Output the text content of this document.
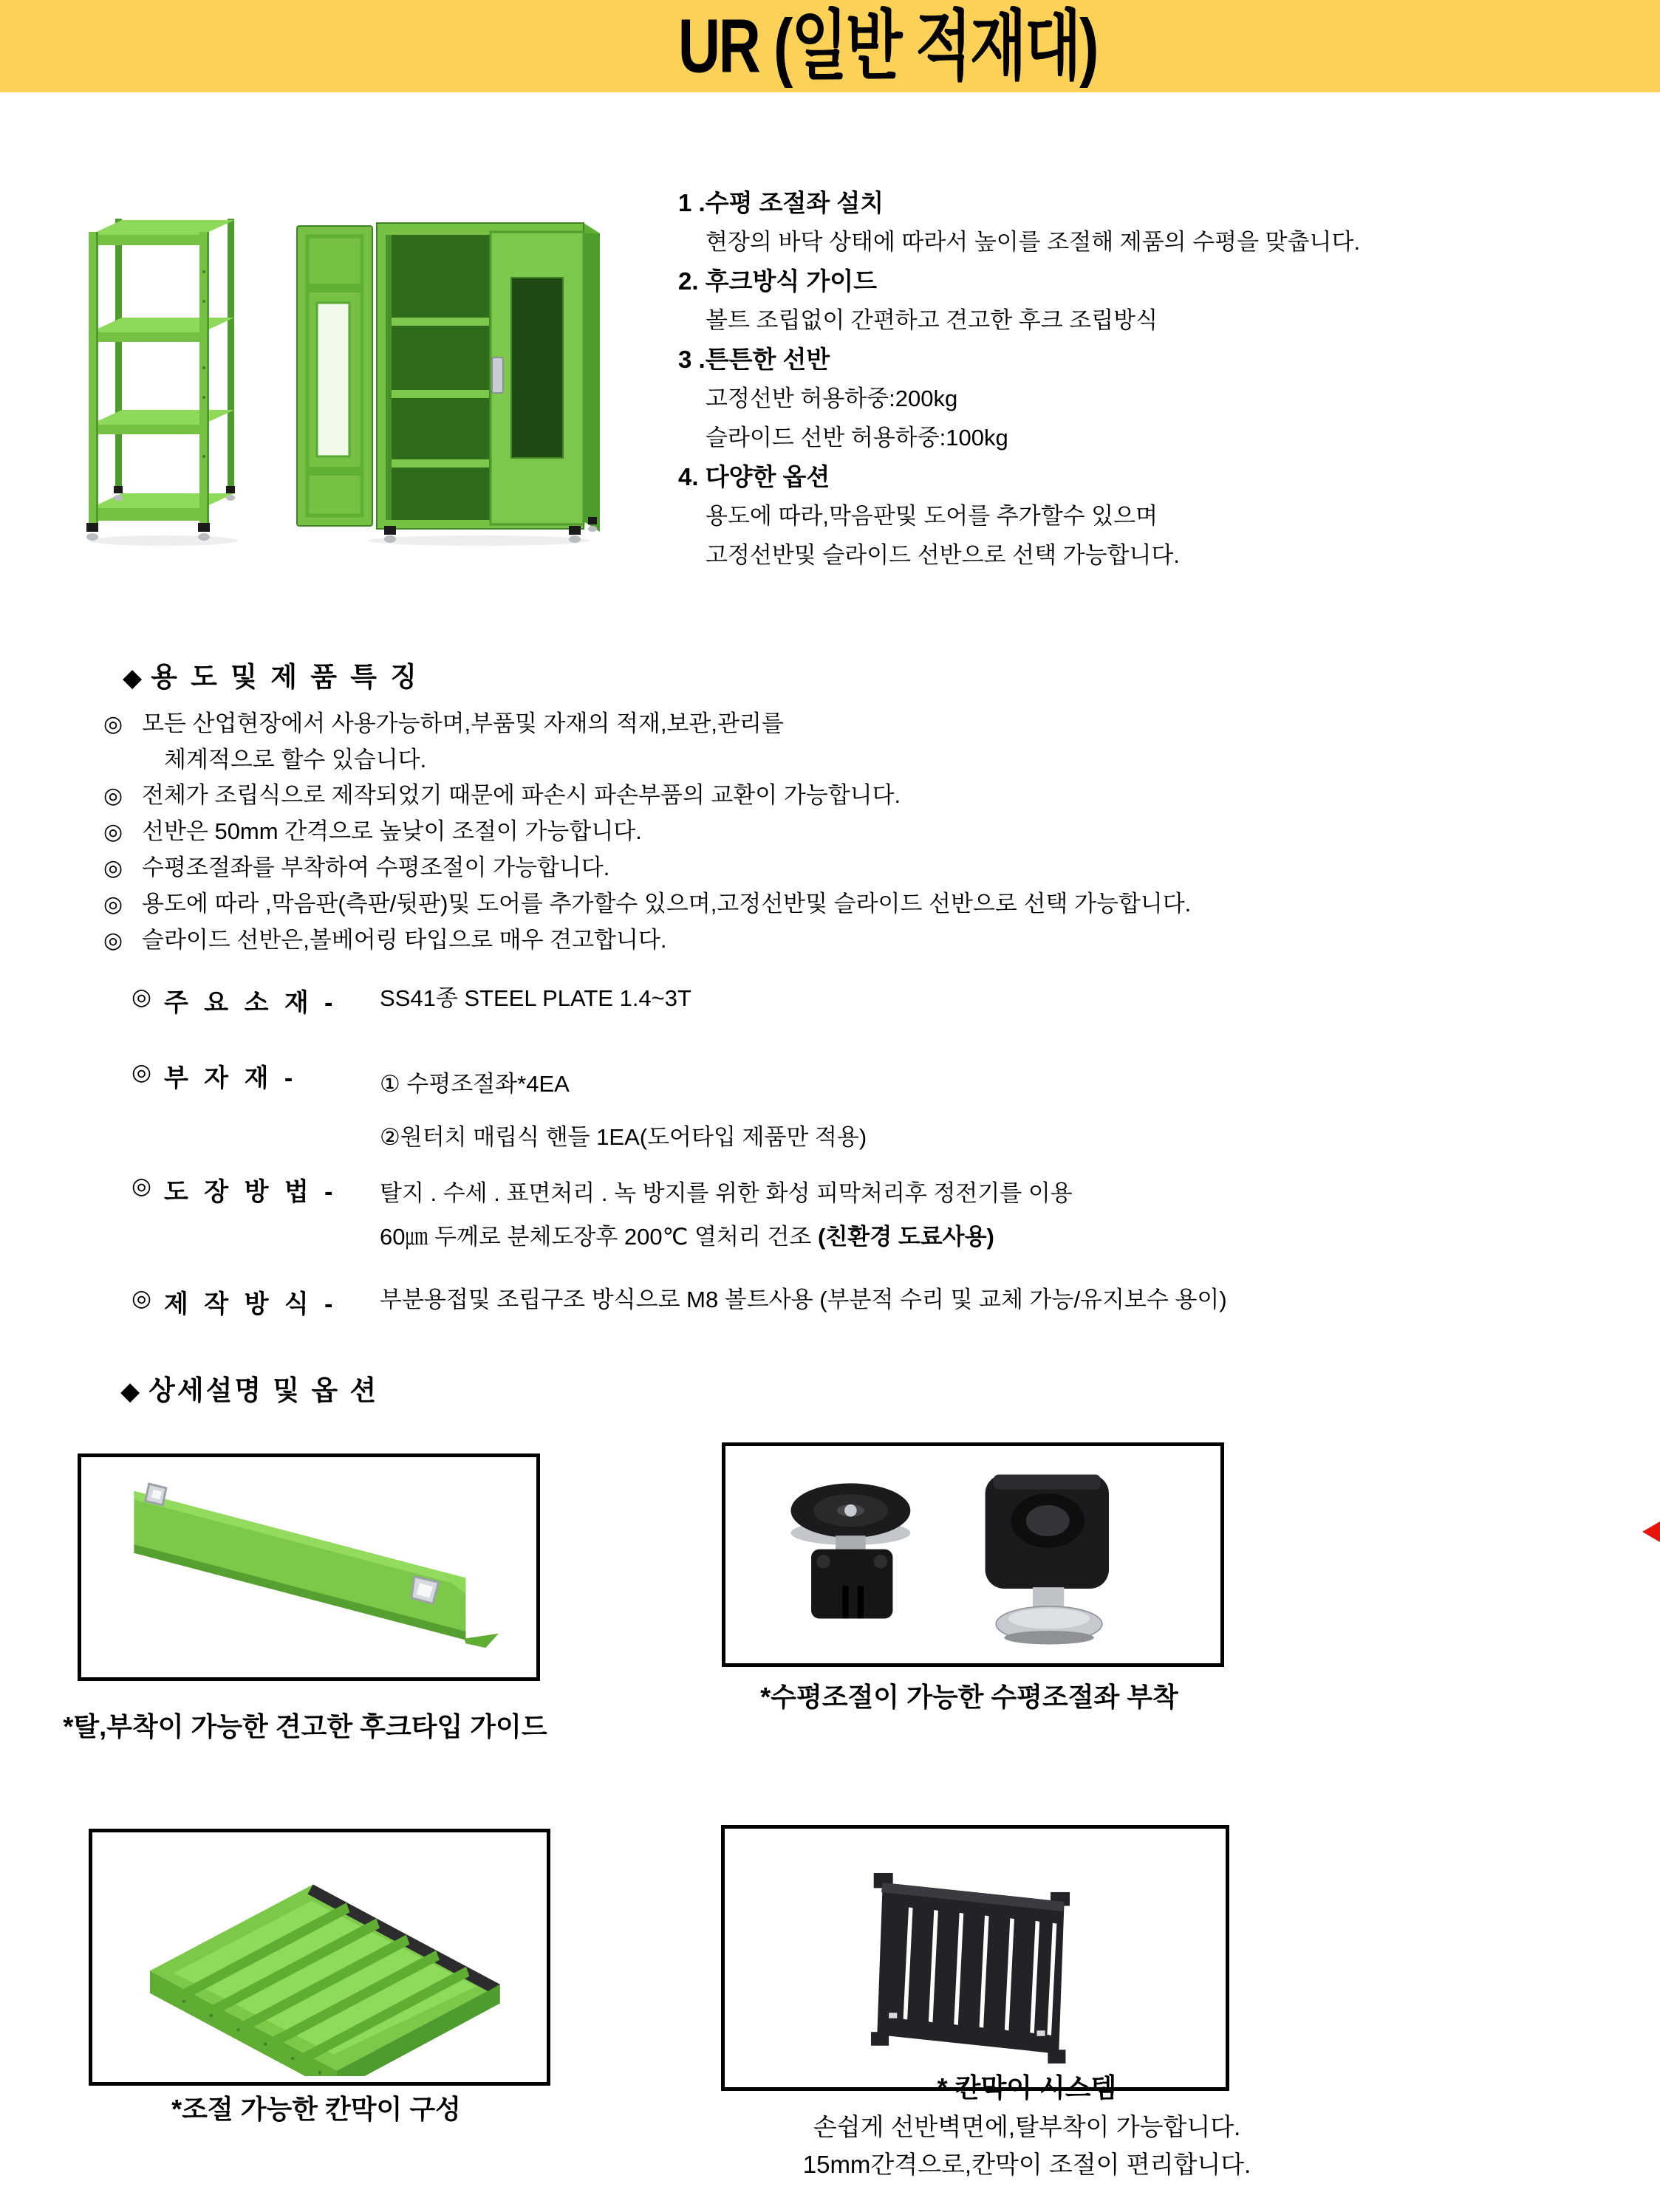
UR (일반 적재대)
1 .수평 조절좌 설치
현장의 바닥 상태에 따라서 높이를 조절해 제품의 수평을 맞춥니다.
2. 후크방식 가이드
볼트 조립없이 간편하고 견고한 후크 조립방식
3 .튼튼한 선반
고정선반 허용하중:200kg
슬라이드 선반 허용하중:100kg
4. 다양한 옵션
용도에 따라,막음판및 도어를 추가할수 있으며
고정선반및 슬라이드 선반으로 선택 가능합니다.
◆용 도 및 제 품 특 징
◎ 모든 산업현장에서 사용가능하며,부품및 자재의 적재,보관,관리를
체계적으로 할수 있습니다.
◎ 전체가 조립식으로 제작되었기 때문에 파손시 파손부품의 교환이 가능합니다.
◎ 선반은 50mm 간격으로 높낮이 조절이 가능합니다.
◎ 수평조절좌를 부착하여 수평조절이 가능합니다.
◎ 용도에 따라 ,막음판(측판/뒷판)및 도어를 추가할수 있으며,고정선반및 슬라이드 선반으로 선택 가능합니다.
◎ 슬라이드 선반은,볼베어링 타입으로 매우 견고합니다.
◎ 주 요 소 재 -	SS41종 STEEL PLATE 1.4~3T
◎ 부 자 재 -	① 수평조절좌*4EA
②원터치 매립식 핸들 1EA(도어타입 제품만 적용)
◎ 도 장 방 법 -	탈지 . 수세 . 표면처리 . 녹 방지를 위한 화성 피막처리후 정전기를 이용
60㎛ 두께로 분체도장후 200℃ 열처리 건조 (친환경 도료사용)
◎ 제 작 방 식 -	부분용접및 조립구조 방식으로 M8 볼트사용 (부분적 수리 및 교체 가능/유지보수 용이)
◆상세설명 및 옵 션
*탈,부착이 가능한 견고한 후크타입 가이드
*수평조절이 가능한 수평조절좌 부착
*조절 가능한 칸막이 구성
* 칸막이 시스템
손쉽게 선반벽면에,탈부착이 가능합니다.
15mm간격으로,칸막이 조절이 편리합니다.
